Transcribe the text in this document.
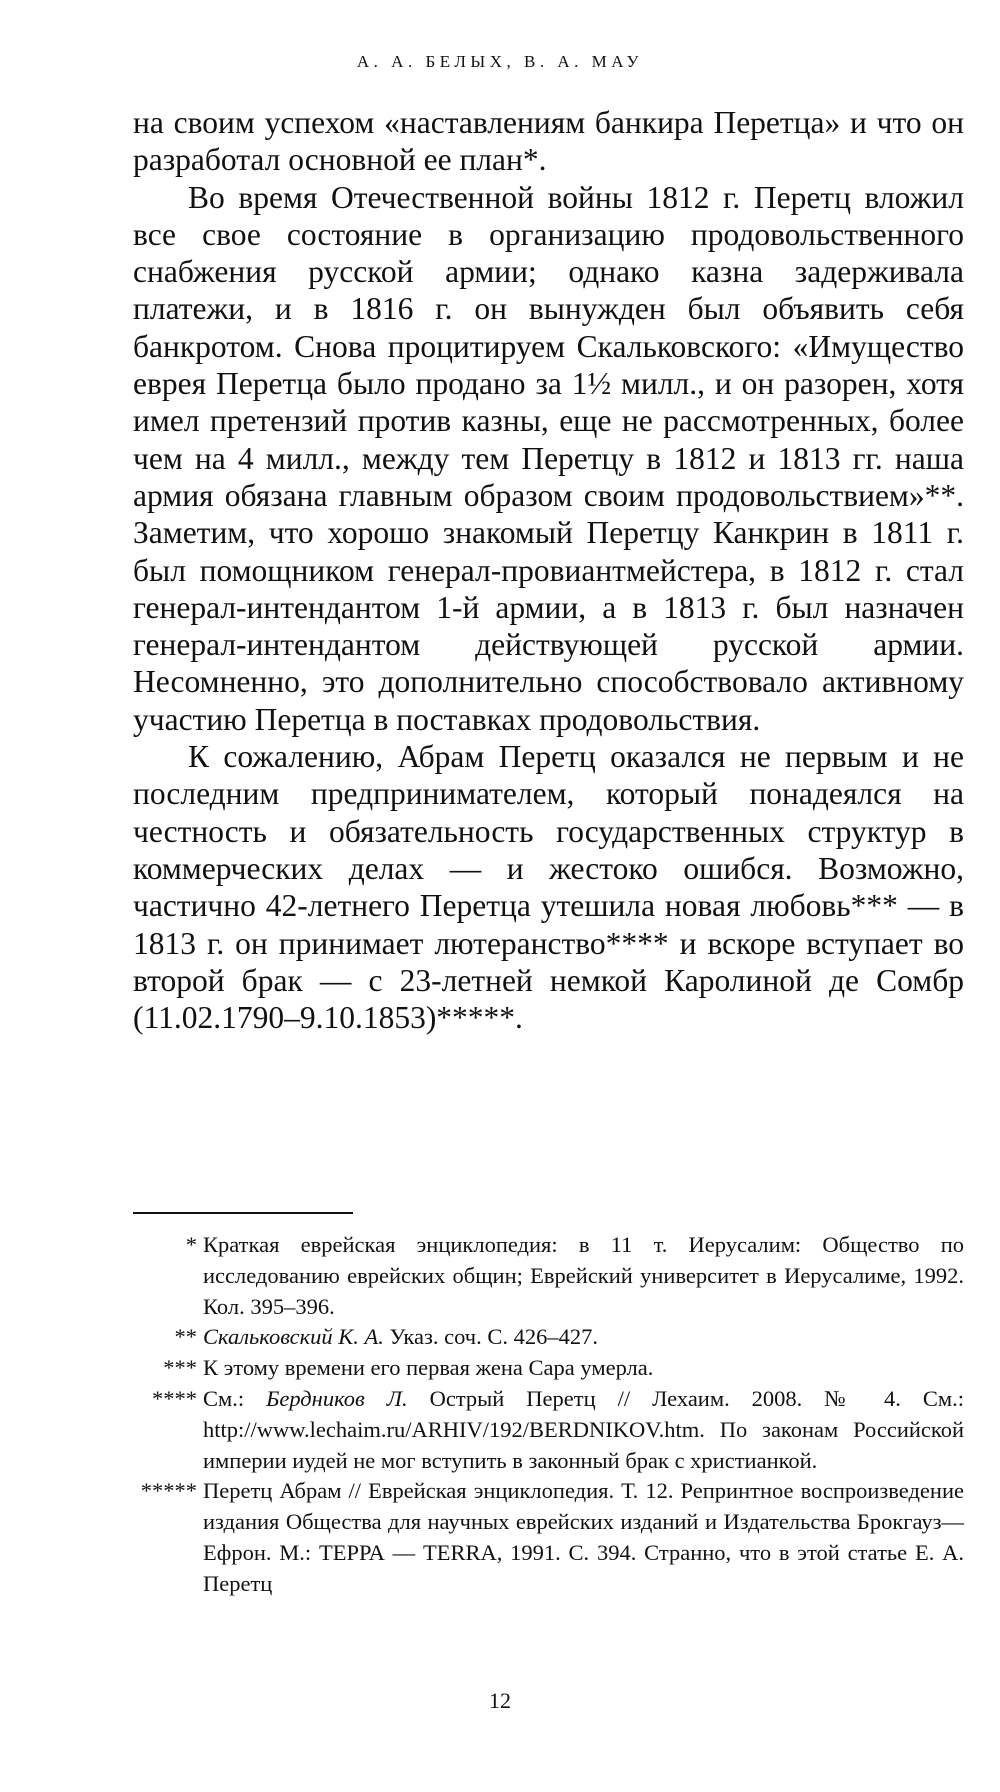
А. А. БЕЛЫХ, В. А. МАУ

на своим успехом «наставлениям банкира Перетца» и что он разработал основной ее план*.

Во время Отечественной войны 1812 г. Перетц вложил все свое состояние в организацию продовольственного снабжения русской армии; однако казна задерживала платежи, и в 1816 г. он вынужден был объявить себя банкротом. Снова процитируем Скальковского: «Имущество еврея Перетца было продано за 1½ милл., и он разорен, хотя имел претензий против казны, еще не рассмотренных, более чем на 4 милл., между тем Перетцу в 1812 и 1813 гг. наша армия обязана главным образом своим продовольствием»**. Заметим, что хорошо знакомый Перетцу Канкрин в 1811 г. был помощником генерал-провиантмейстера, в 1812 г. стал генерал-интендантом 1-й армии, а в 1813 г. был назначен генерал-интендантом действующей русской армии. Несомненно, это дополнительно способствовало активному участию Перетца в поставках продовольствия.

К сожалению, Абрам Перетц оказался не первым и не последним предпринимателем, который понадеялся на честность и обязательность государственных структур в коммерческих делах — и жестоко ошибся. Возможно, частично 42-летнего Перетца утешила новая любовь*** — в 1813 г. он принимает лютеранство**** и вскоре вступает во второй брак — с 23-летней немкой Каролиной де Сомбр (11.02.1790–9.10.1853)*****.

* Краткая еврейская энциклопедия: в 11 т. Иерусалим: Общество по исследованию еврейских общин; Еврейский университет в Иерусалиме, 1992. Кол. 395–396.
** Скальковский К. А. Указ. соч. С. 426–427.
*** К этому времени его первая жена Сара умерла.
**** См.: Бердников Л. Острый Перетц // Лехаим. 2008. № 4. См.: http://www.lechaim.ru/ARHIV/192/BERDNIKOV.htm. По законам Российской империи иудей не мог вступить в законный брак с христианкой.
***** Перетц Абрам // Еврейская энциклопедия. Т. 12. Репринтное воспроизведение издания Общества для научных еврейских изданий и Издательства Брокгауз—Ефрон. М.: ТЕРРА — TERRA, 1991. С. 394. Странно, что в этой статье Е. А. Перетц
12
